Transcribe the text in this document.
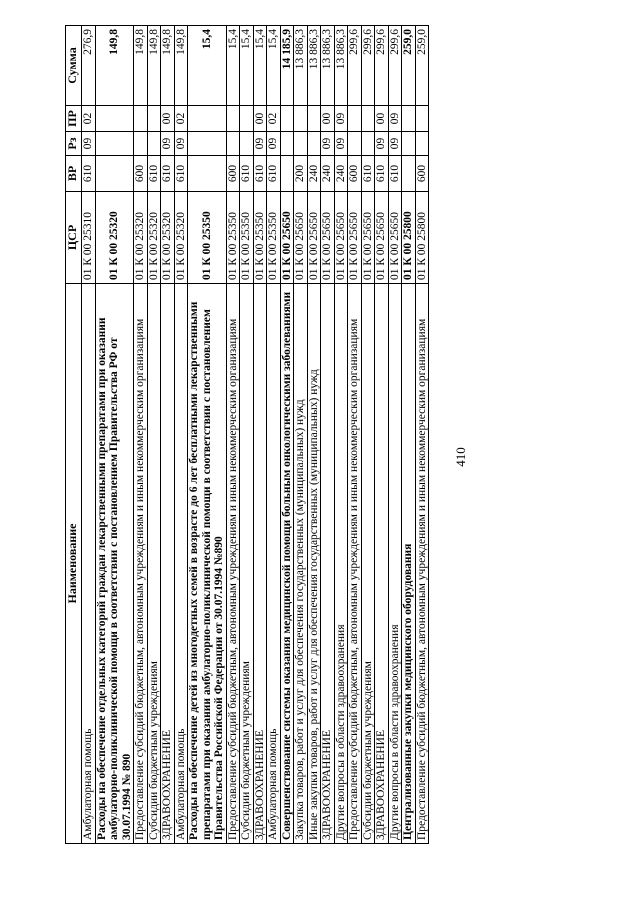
410
Наименование	ЦСР	ВР	Рз	ПР	Сумма
Амбулаторная помощь	01 К 00 25310	610	09	02	276,9
Расходы на обеспечение отдельных категорий граждан лекарственными препаратами при оказании амбулаторно-поликлинической помощи в соответствии с постановлением Правительства РФ от 30.07.1994 № 890	01 К 00 25320				149,8
Предоставление субсидий бюджетным, автономным учреждениям и иным некоммерческим организациям	01 К 00 25320	600			149,8
Субсидии бюджетным учреждениям	01 К 00 25320	610			149,8
ЗДРАВООХРАНЕНИЕ	01 К 00 25320	610	09	00	149,8
Амбулаторная помощь	01 К 00 25320	610	09	02	149,8
Расходы на обеспечение детей из многодетных семей в возрасте до 6 лет бесплатными лекарственными препаратами при оказании амбулаторно-поликлинической помощи в соответствии с постановлением Правительства Российской Федерации от 30.07.1994 №890	01 К 00 25350				15,4
Предоставление субсидий бюджетным, автономным учреждениям и иным некоммерческим организациям	01 К 00 25350	600			15,4
Субсидии бюджетным учреждениям	01 К 00 25350	610			15,4
ЗДРАВООХРАНЕНИЕ	01 К 00 25350	610	09	00	15,4
Амбулаторная помощь	01 К 00 25350	610	09	02	15,4
Совершенствование системы оказания медицинской помощи больным онкологическими заболеваниями	01 К 00 25650				14 185,9
Закупка товаров, работ и услуг для обеспечения государственных (муниципальных) нужд	01 К 00 25650	200			13 886,3
Иные закупки товаров, работ и услуг для обеспечения государственных (муниципальных) нужд	01 К 00 25650	240			13 886,3
ЗДРАВООХРАНЕНИЕ	01 К 00 25650	240	09	00	13 886,3
Другие вопросы в области здравоохранения	01 К 00 25650	240	09	09	13 886,3
Предоставление субсидий бюджетным, автономным учреждениям и иным некоммерческим организациям	01 К 00 25650	600			299,6
Субсидии бюджетным учреждениям	01 К 00 25650	610			299,6
ЗДРАВООХРАНЕНИЕ	01 К 00 25650	610	09	00	299,6
Другие вопросы в области здравоохранения	01 К 00 25650	610	09	09	299,6
Централизованные закупки медицинского оборудования	01 К 00 25800				259,0
Предоставление субсидий бюджетным, автономным учреждениям и иным некоммерческим организациям	01 К 00 25800	600			259,0
